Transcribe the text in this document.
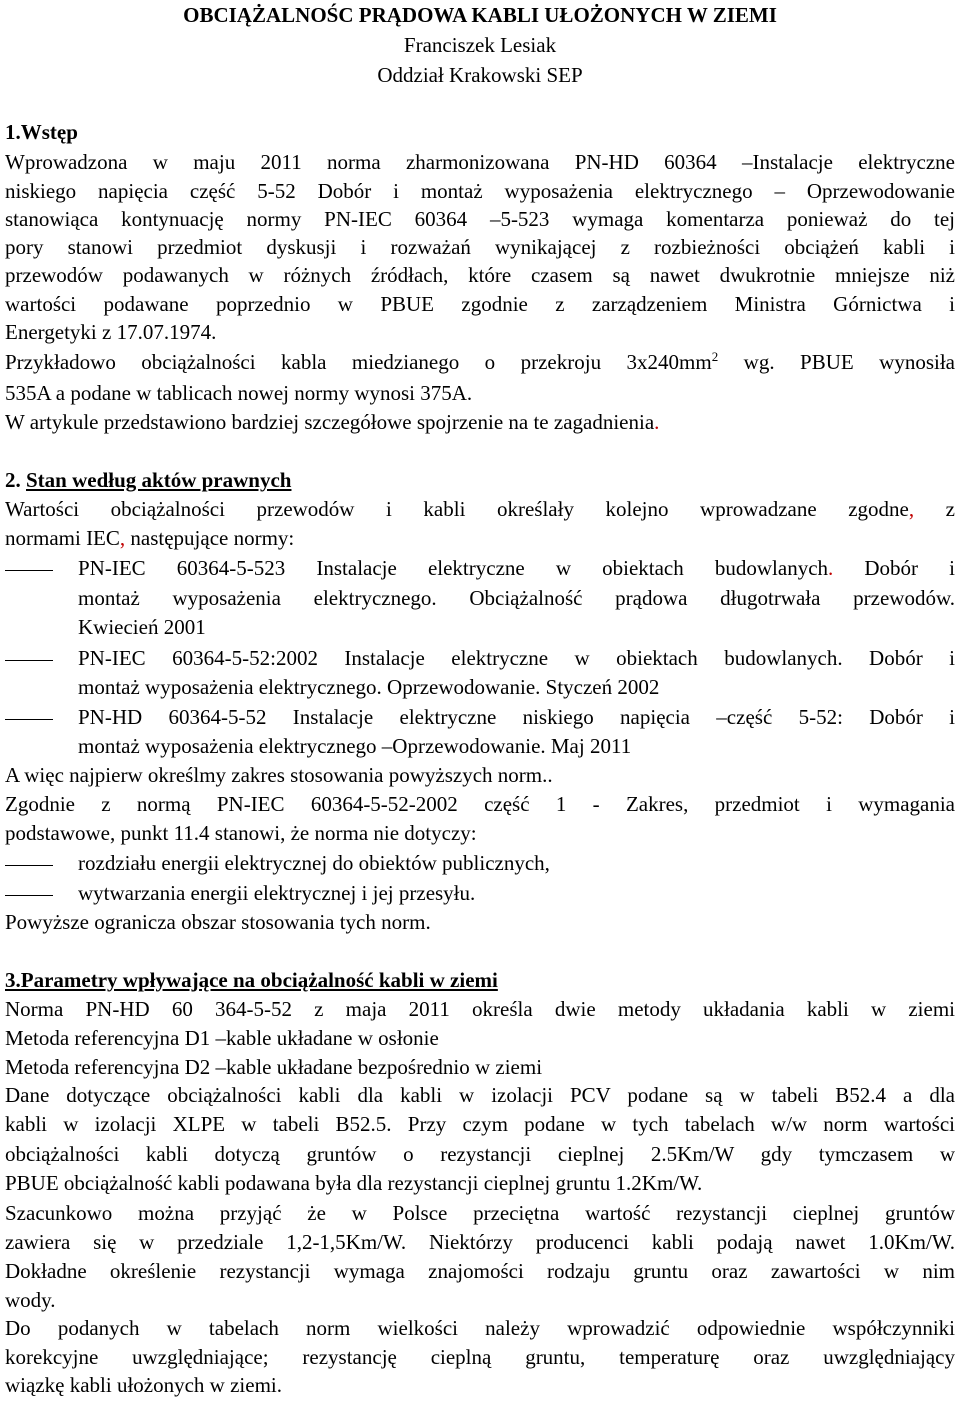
OBCIĄŻALNOŚC PRĄDOWA KABLI UŁOŻONYCH W ZIEMI
Franciszek Lesiak
Oddział Krakowski SEP
1.Wstęp
Wprowadzona w maju 2011 norma zharmonizowana PN-HD 60364 –Instalacje elektryczne
niskiego napięcia część 5-52 Dobór i montaż wyposażenia elektrycznego – Oprzewodowanie
stanowiąca kontynuację normy PN-IEC 60364 –5-523 wymaga komentarza ponieważ do tej
pory stanowi przedmiot dyskusji i rozważań wynikającej z rozbieżności obciążeń kabli i
przewodów podawanych w różnych źródłach, które czasem są nawet dwukrotnie mniejsze niż
wartości podawane poprzednio w PBUE zgodnie z zarządzeniem Ministra Górnictwa i
Energetyki z 17.07.1974.
Przykładowo obciążalności kabla miedzianego o przekroju $3x240mm^2$ wg. PBUE wynosiła
535A a podane w tablicach nowej normy wynosi 375A.
W artykule przedstawiono bardziej szczegółowe spojrzenie na te zagadnienia.
2. Stan według aktów prawnych
Wartości obciążalności przewodów i kabli określały kolejno wprowadzane zgodne, z
normami IEC, następujące normy:
PN-IEC 60364-5-523 Instalacje elektryczne w obiektach budowlanych. Dobór i
montaż wyposażenia elektrycznego. Obciążalność prądowa długotrwała przewodów.
Kwiecień 2001
PN-IEC 60364-5-52:2002 Instalacje elektryczne w obiektach budowlanych. Dobór i
montaż wyposażenia elektrycznego. Oprzewodowanie. Styczeń 2002
PN-HD 60364-5-52 Instalacje elektryczne niskiego napięcia –część 5-52: Dobór i
montaż wyposażenia elektrycznego –Oprzewodowanie. Maj 2011
A więc najpierw określmy zakres stosowania powyższych norm..
Zgodnie z normą PN-IEC 60364-5-52-2002 część 1 - Zakres, przedmiot i wymagania
podstawowe, punkt 11.4 stanowi, że norma nie dotyczy:
rozdziału energii elektrycznej do obiektów publicznych,
wytwarzania energii elektrycznej i jej przesyłu.
Powyższe ogranicza obszar stosowania tych norm.
3.Parametry wpływające na obciążalność kabli w ziemi
Norma PN-HD 60 364-5-52 z maja 2011 określa dwie metody układania kabli w ziemi
Metoda referencyjna D1 –kable układane w osłonie
Metoda referencyjna D2 –kable układane bezpośrednio w ziemi
Dane dotyczące obciążalności kabli dla kabli w izolacji PCV podane są w tabeli B52.4 a dla
kabli w izolacji XLPE w tabeli B52.5. Przy czym podane w tych tabelach w/w norm wartości
obciążalności kabli dotyczą gruntów o rezystancji cieplnej 2.5Km/W gdy tymczasem w
PBUE obciążalność kabli podawana była dla rezystancji cieplnej gruntu 1.2Km/W.
Szacunkowo można przyjąć że w Polsce przeciętna wartość rezystancji cieplnej gruntów
zawiera się w przedziale 1,2-1,5Km/W. Niektórzy producenci kabli podają nawet 1.0Km/W.
Dokładne określenie rezystancji wymaga znajomości rodzaju gruntu oraz zawartości w nim
wody.
Do podanych w tabelach norm wielkości należy wprowadzić odpowiednie współczynniki
korekcyjne uwzględniające; rezystancję cieplną gruntu, temperaturę oraz uwzględniający
wiązkę kabli ułożonych w ziemi.
